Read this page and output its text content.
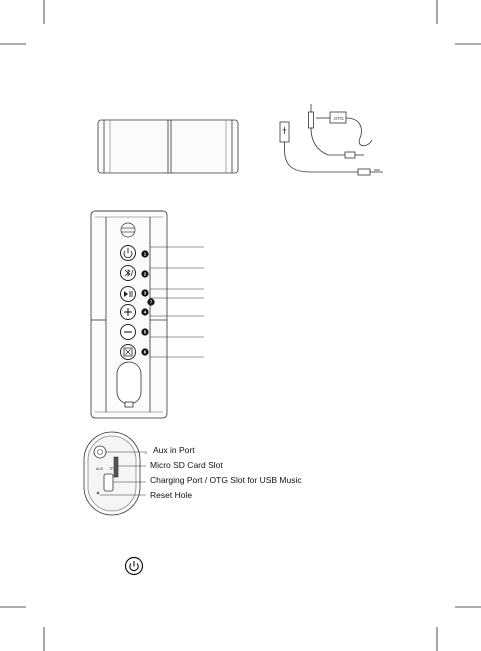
OTG
1
2
3
7
4
5
6
AUX TF
Aux in Port
Micro SD Card Slot
Charging Port / OTG Slot for USB Music
Reset Hole
